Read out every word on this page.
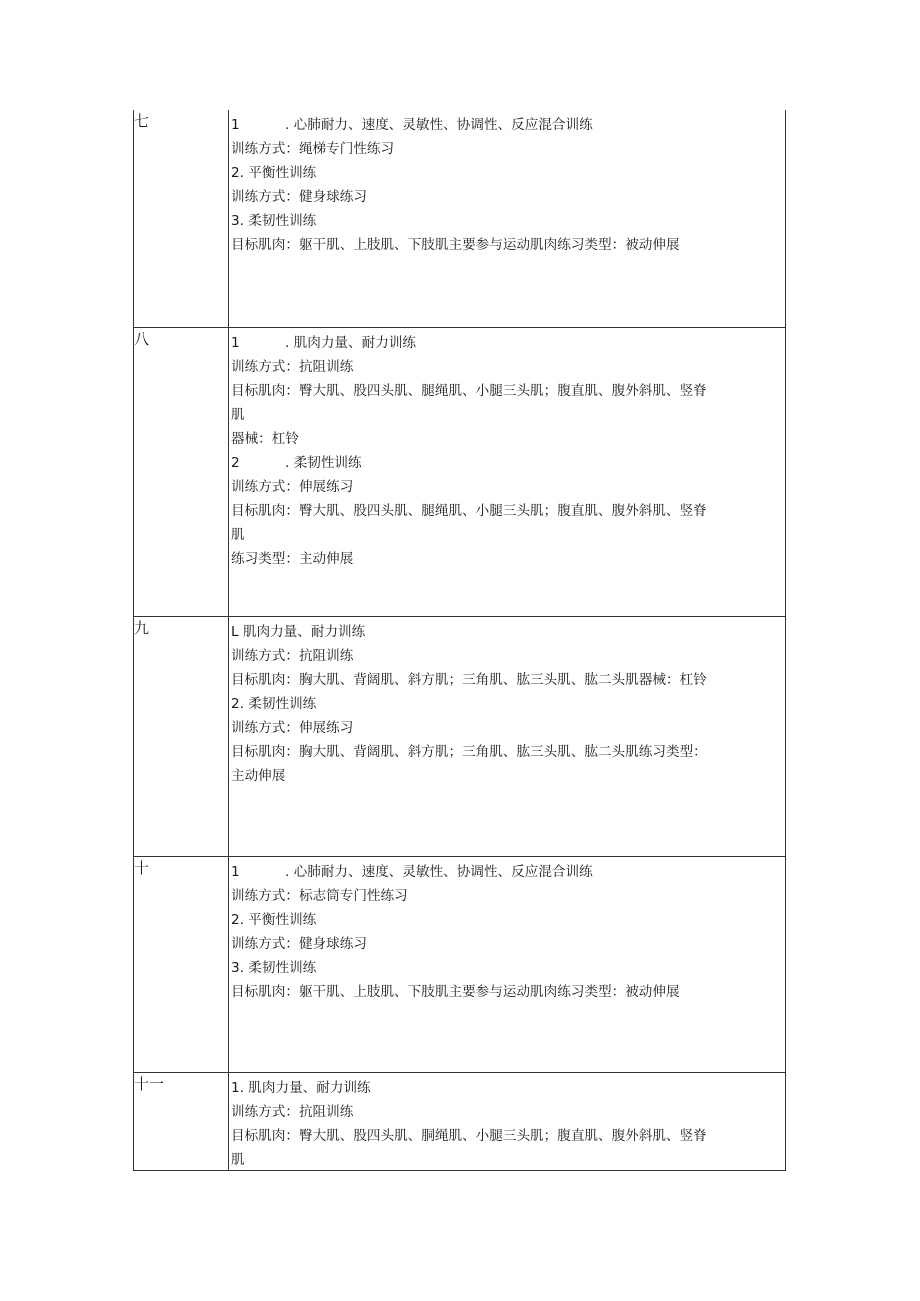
七	1	. 心肺耐力、速度、灵敏性、协调性、反应混合训练
训练方式：绳梯专门性练习
2. 平衡性训练
训练方式：健身球练习
3. 柔韧性训练
目标肌肉：躯干肌、上肢肌、下肢肌主要参与运动肌肉练习类型：被动伸展
八	1	. 肌肉力量、耐力训练
训练方式：抗阻训练
目标肌肉：臀大肌、股四头肌、腿绳肌、小腿三头肌；腹直肌、腹外斜肌、竖脊
肌
器械：杠铃
2	. 柔韧性训练
训练方式：伸展练习
目标肌肉：臀大肌、股四头肌、腿绳肌、小腿三头肌；腹直肌、腹外斜肌、竖脊
肌
练习类型：主动伸展
九	L 肌肉力量、耐力训练
训练方式：抗阻训练
目标肌肉：胸大肌、背阔肌、斜方肌；三角肌、肱三头肌、肱二头肌器械：杠铃
2. 柔韧性训练
训练方式：伸展练习
目标肌肉：胸大肌、背阔肌、斜方肌；三角肌、肱三头肌、肱二头肌练习类型：
主动伸展
十	1	. 心肺耐力、速度、灵敏性、协调性、反应混合训练
训练方式：标志筒专门性练习
2. 平衡性训练
训练方式：健身球练习
3. 柔韧性训练
目标肌肉：躯干肌、上肢肌、下肢肌主要参与运动肌肉练习类型：被动伸展
十一	1. 肌肉力量、耐力训练
训练方式：抗阻训练
目标肌肉：臀大肌、股四头肌、胴绳肌、小腿三头肌；腹直肌、腹外斜肌、竖脊
肌
